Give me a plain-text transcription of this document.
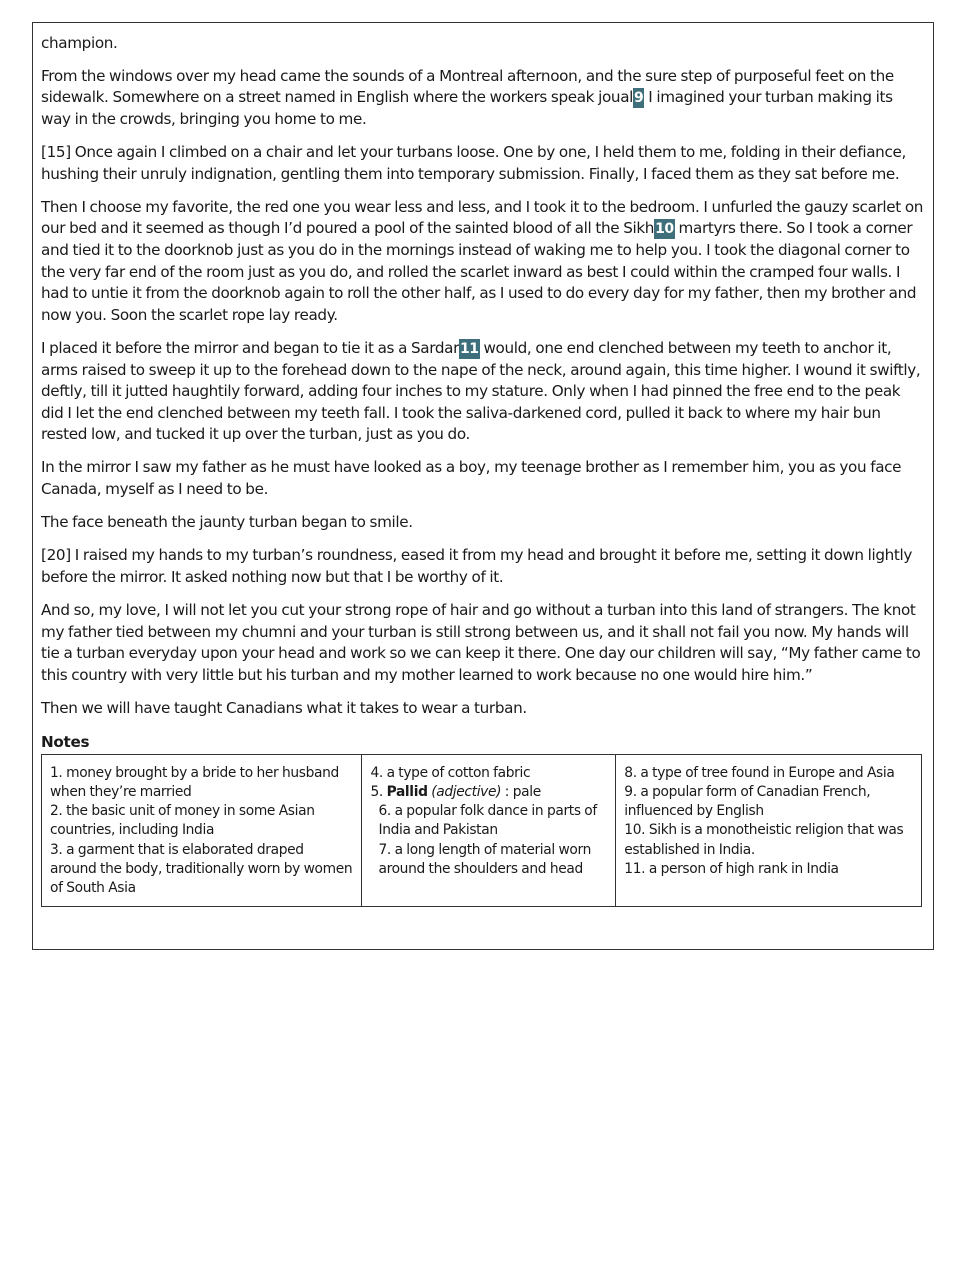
champion.

From the windows over my head came the sounds of a Montreal afternoon, and the sure step of purposeful feet on the sidewalk. Somewhere on a street named in English where the workers speak joual9 I imagined your turban making its way in the crowds, bringing you home to me.

[15] Once again I climbed on a chair and let your turbans loose. One by one, I held them to me, folding in their defiance, hushing their unruly indignation, gentling them into temporary submission. Finally, I faced them as they sat before me.

Then I choose my favorite, the red one you wear less and less, and I took it to the bedroom. I unfurled the gauzy scarlet on our bed and it seemed as though I’d poured a pool of the sainted blood of all the Sikh10 martyrs there. So I took a corner and tied it to the doorknob just as you do in the mornings instead of waking me to help you. I took the diagonal corner to the very far end of the room just as you do, and rolled the scarlet inward as best I could within the cramped four walls. I had to untie it from the doorknob again to roll the other half, as I used to do every day for my father, then my brother and now you. Soon the scarlet rope lay ready.

I placed it before the mirror and began to tie it as a Sardar11 would, one end clenched between my teeth to anchor it, arms raised to sweep it up to the forehead down to the nape of the neck, around again, this time higher. I wound it swiftly, deftly, till it jutted haughtily forward, adding four inches to my stature. Only when I had pinned the free end to the peak did I let the end clenched between my teeth fall. I took the saliva-darkened cord, pulled it back to where my hair bun rested low, and tucked it up over the turban, just as you do.

In the mirror I saw my father as he must have looked as a boy, my teenage brother as I remember him, you as you face Canada, myself as I need to be.

The face beneath the jaunty turban began to smile.

[20] I raised my hands to my turban’s roundness, eased it from my head and brought it before me, setting it down lightly before the mirror. It asked nothing now but that I be worthy of it.

And so, my love, I will not let you cut your strong rope of hair and go without a turban into this land of strangers. The knot my father tied between my chumni and your turban is still strong between us, and it shall not fail you now. My hands will tie a turban everyday upon your head and work so we can keep it there. One day our children will say, “My father came to this country with very little but his turban and my mother learned to work because no one would hire him.”

Then we will have taught Canadians what it takes to wear a turban.

Notes
1. money brought by a bride to her husband when they’re married
2. the basic unit of money in some Asian countries, including India
3. a garment that is elaborated draped around the body, traditionally worn by women of South Asia

4. a type of cotton fabric
5. Pallid (adjective) : pale
6. a popular folk dance in parts of India and Pakistan
7. a long length of material worn around the shoulders and head

8. a type of tree found in Europe and Asia
9. a popular form of Canadian French, influenced by English
10. Sikh is a monotheistic religion that was established in India.
11. a person of high rank in India
